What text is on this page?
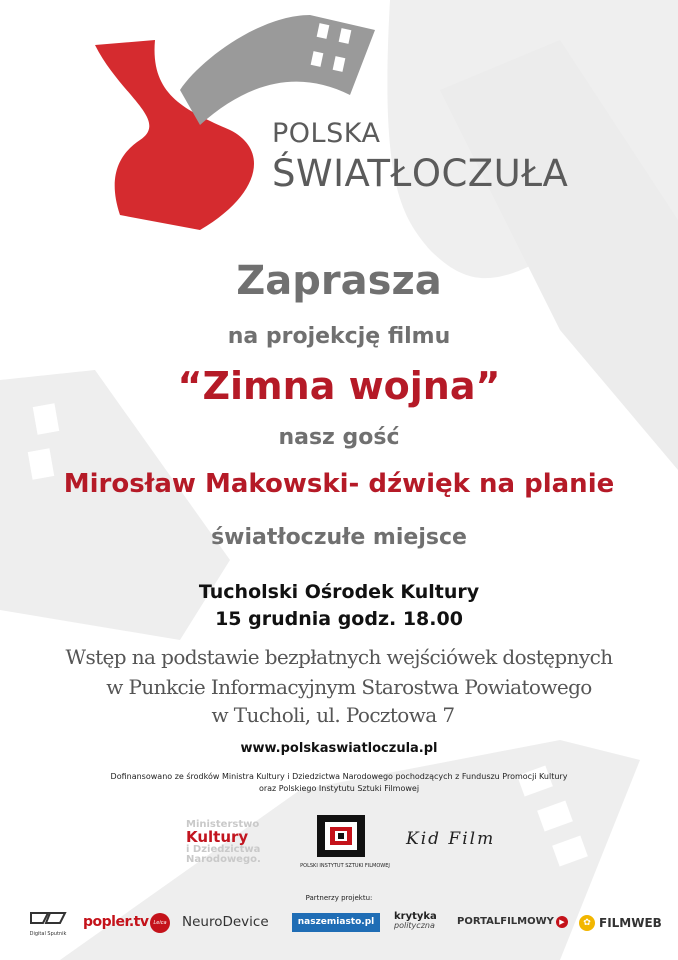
POLSKA
ŚWIATŁOCZUŁA
Zaprasza
na projekcję filmu
“Zimna wojna”
nasz gość
Mirosław Makowski- dźwięk na planie
światłoczułe miejsce
Tucholski Ośrodek Kultury
15 grudnia godz. 18.00
Wstęp na podstawie bezpłatnych wejściówek dostępnych
w Punkcie Informacyjnym Starostwa Powiatowego
w Tucholi, ul. Pocztowa 7
www.polskaswiatloczula.pl
Dofinansowano ze środków Ministra Kultury i Dziedzictwa Narodowego pochodzących z Funduszu Promocji Kultury
oraz Polskiego Instytutu Sztuki Filmowej
Ministerstwo
Kultury
i Dziedzictwa
Narodowego.
POLSKI INSTYTUT SZTUKI FILMOWEJ
Kid Film
Partnerzy projektu:
Digital Sputnik
popler.tv Leica NeuroDevice	naszemiasto.pl	krytyka
polityczna PORTALFILMOWY ▶	✿ FILMWEB
